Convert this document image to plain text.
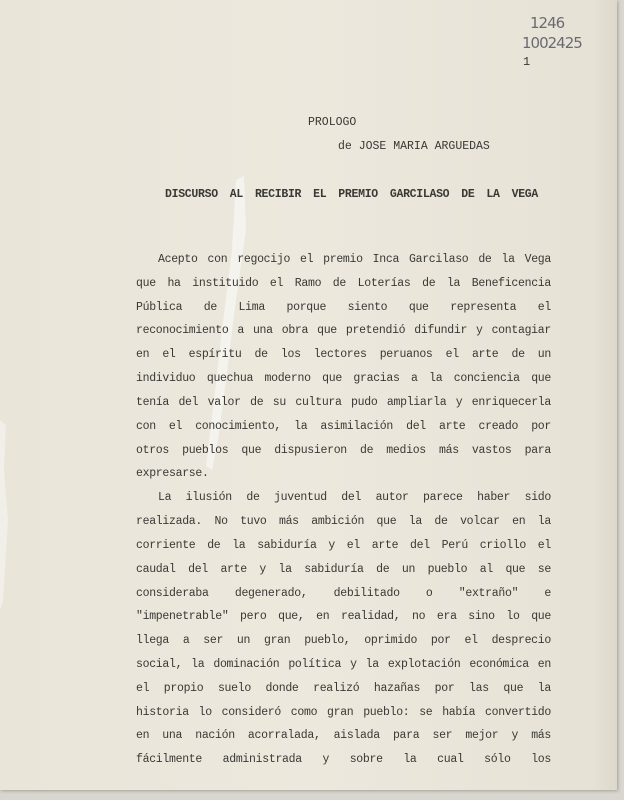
1246
1002425
1
PROLOGO
de JOSE MARIA ARGUEDAS
DISCURSO AL RECIBIR EL PREMIO GARCILASO DE LA VEGA
Acepto con regocijo el premio Inca Garcilaso de la Vega
que ha instituido el Ramo de Loterías de la Beneficencia
Pública de Lima porque siento que representa el
reconocimiento a una obra que pretendió difundir y contagiar
en el espíritu de los lectores peruanos el arte de un
individuo quechua moderno que gracias a la conciencia que
tenía del valor de su cultura pudo ampliarla y enriquecerla
con el conocimiento, la asimilación del arte creado por
otros pueblos que dispusieron de medios más vastos para
expresarse.
La ilusión de juventud del autor parece haber sido
realizada. No tuvo más ambición que la de volcar en la
corriente de la sabiduría y el arte del Perú criollo el
caudal del arte y la sabiduría de un pueblo al que se
consideraba degenerado, debilitado o "extraño" e
"impenetrable" pero que, en realidad, no era sino lo que
llega a ser un gran pueblo, oprimido por el desprecio
social, la dominación política y la explotación económica en
el propio suelo donde realizó hazañas por las que la
historia lo consideró como gran pueblo: se había convertido
en una nación acorralada, aislada para ser mejor y más
fácilmente administrada y sobre la cual sólo los
